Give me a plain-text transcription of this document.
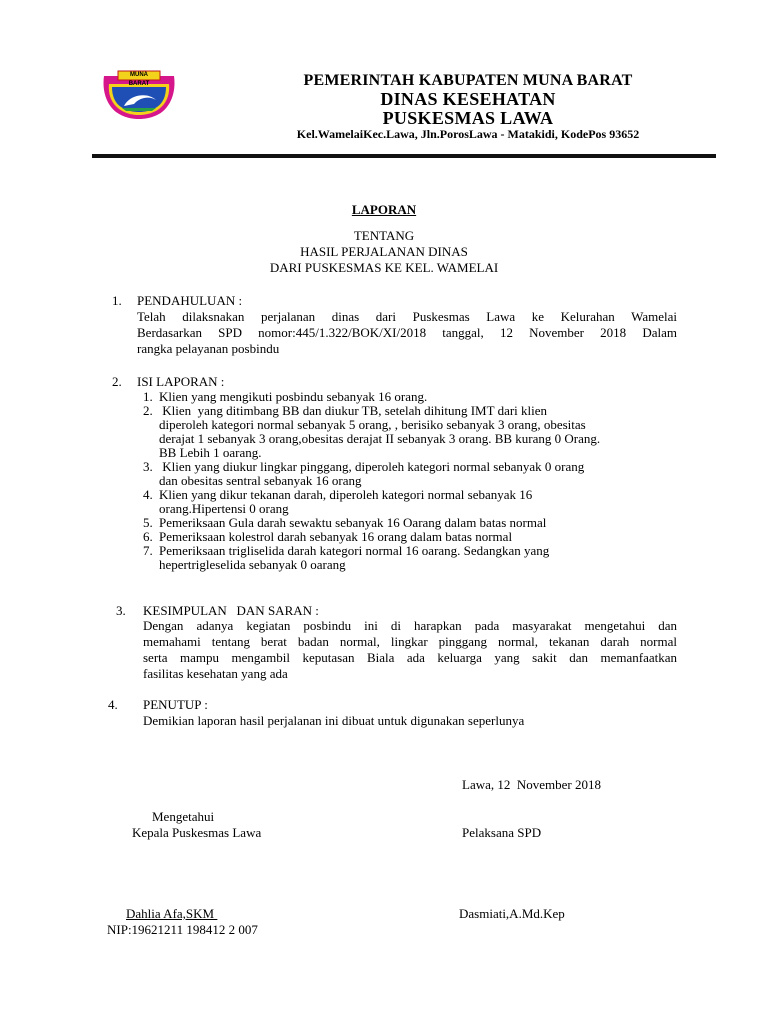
MUNA BARAT	PEMERINTAH KABUPATEN MUNA BARAT
DINAS KESEHATAN
PUSKESMAS LAWA
Kel.WamelaiKec.Lawa, Jln.PorosLawa - Matakidi, KodePos 93652
LAPORAN
TENTANG
HASIL PERJALANAN DINAS
DARI PUSKESMAS KE KEL. WAMELAI
1. PENDAHULUAN :
Telah dilaksnakan perjalanan dinas dari Puskesmas Lawa ke Kelurahan Wamelai
Berdasarkan SPD nomor:445/1.322/BOK/XI/2018 tanggal, 12 November 2018 Dalam
rangka pelayanan posbindu
2. ISI LAPORAN :
1. Klien yang mengikuti posbindu sebanyak 16 orang.
2. Klien  yang ditimbang BB dan diukur TB, setelah dihitung IMT dari klien
diperoleh kategori normal sebanyak 5 orang, , berisiko sebanyak 3 orang, obesitas
derajat 1 sebanyak 3 orang,obesitas derajat II sebanyak 3 orang. BB kurang 0 Orang.
BB Lebih 1 oarang.
3. Klien yang diukur lingkar pinggang, diperoleh kategori normal sebanyak 0 orang
dan obesitas sentral sebanyak 16 orang
4. Klien yang dikur tekanan darah, diperoleh kategori normal sebanyak 16
orang.Hipertensi 0 orang
5. Pemeriksaan Gula darah sewaktu sebanyak 16 Oarang dalam batas normal
6. Pemeriksaan kolestrol darah sebanyak 16 orang dalam batas normal
7. Pemeriksaan trigliselida darah kategori normal 16 oarang. Sedangkan yang
hepertrigleselida sebanyak 0 oarang
3. KESIMPULAN   DAN SARAN :
Dengan adanya kegiatan posbindu ini di harapkan pada masyarakat mengetahui dan
memahami tentang berat badan normal, lingkar pinggang normal, tekanan darah normal
serta mampu mengambil keputasan Biala ada keluarga yang sakit dan memanfaatkan
fasilitas kesehatan yang ada
4. PENUTUP :
Demikian laporan hasil perjalanan ini dibuat untuk digunakan seperlunya
Lawa, 12  November 2018
Mengetahui
Kepala Puskesmas Lawa	Pelaksana SPD
Dahlia Afa,SKM
NIP:19621211 198412 2 007
Dasmiati,A.Md.Kep
